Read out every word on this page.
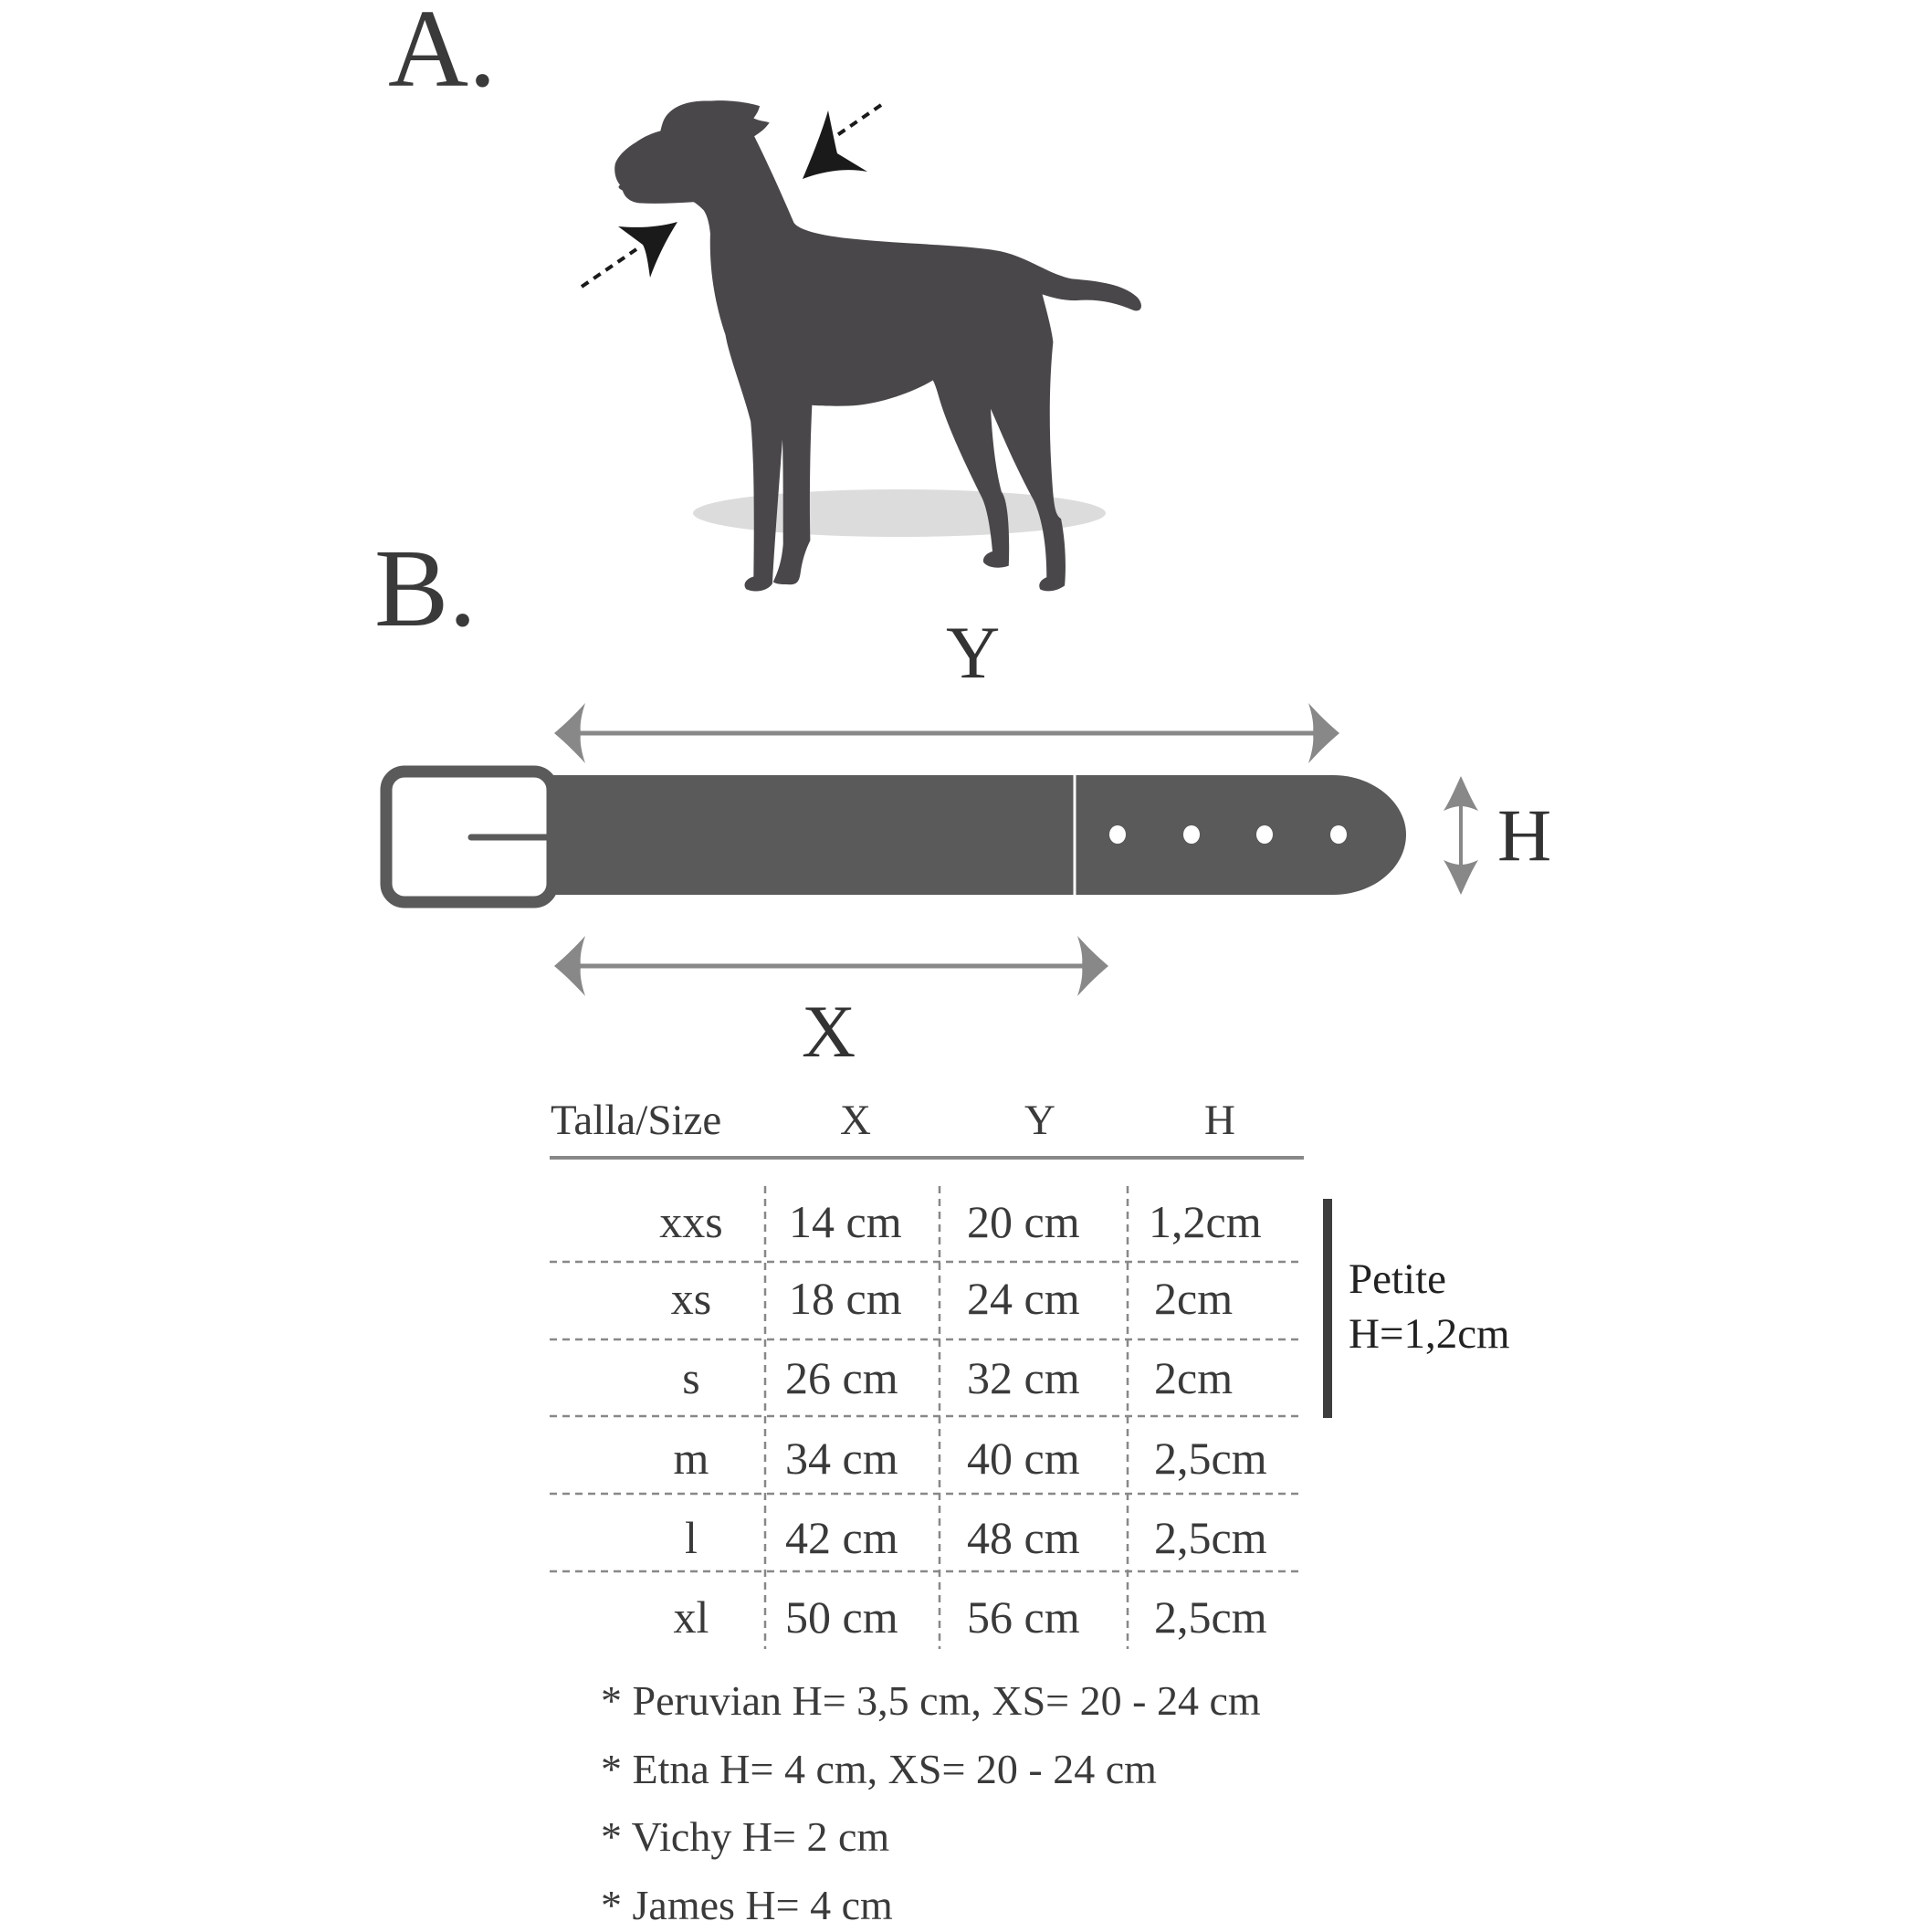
A.
B.
Y
H
X
Talla/Size	X	Y	H
xxs	14 cm 20 cm 1,2cm
xs	18 cm 24 cm 2cm
s	26 cm 32 cm 2cm
m	34 cm 40 cm 2,5cm
l	42 cm 48 cm 2,5cm
xl	50 cm 56 cm 2,5cm
Petite
H=1,2cm
* Peruvian H= 3,5 cm, XS= 20 - 24 cm
* Etna H= 4 cm, XS= 20 - 24 cm
* Vichy H= 2 cm
* James H= 4 cm
